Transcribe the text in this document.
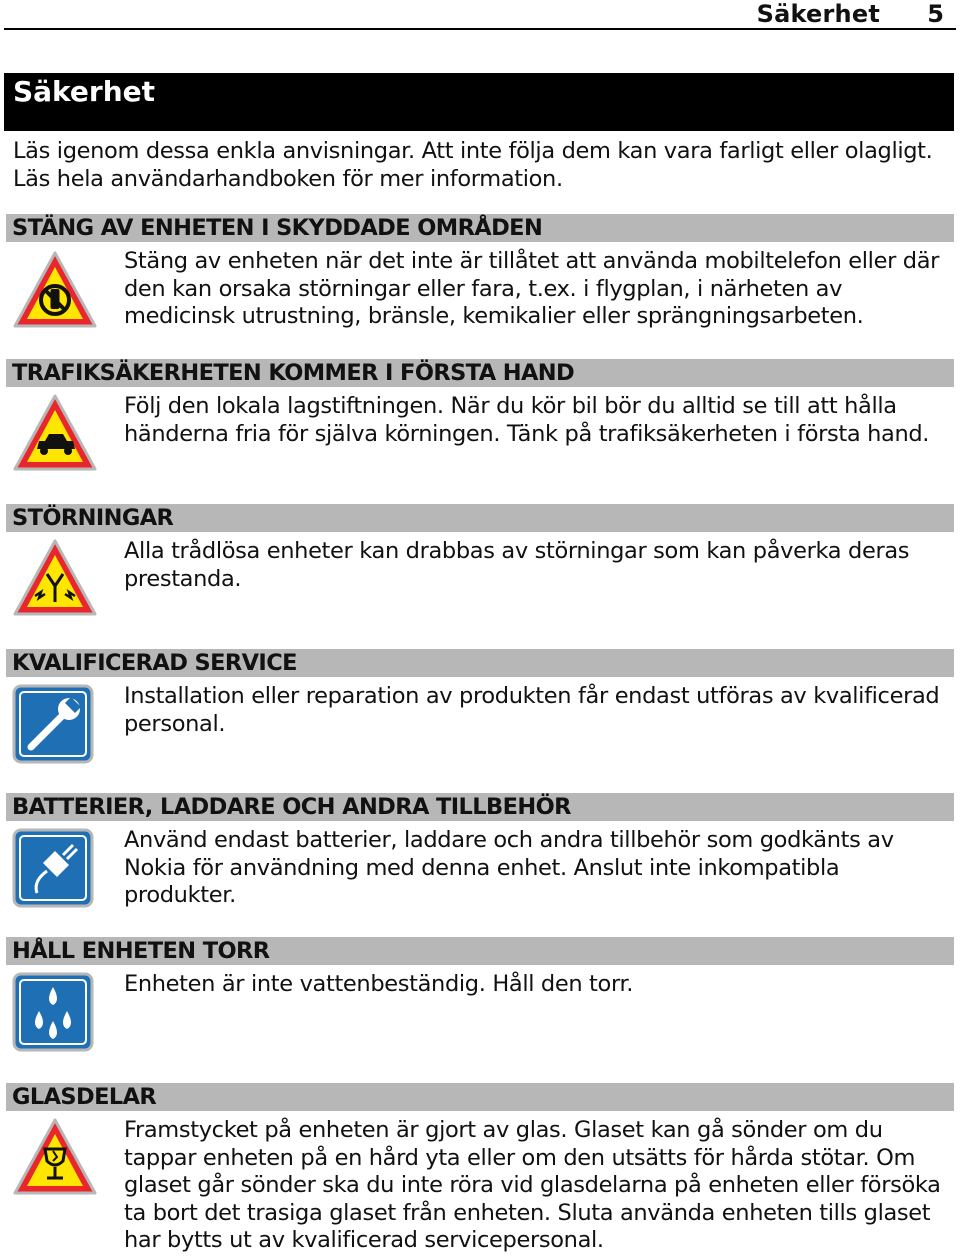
Säkerhet 5
Säkerhet
Läs igenom dessa enkla anvisningar. Att inte följa dem kan vara farligt eller olagligt. Läs hela användarhandboken för mer information.
STÄNG AV ENHETEN I SKYDDADE OMRÅDEN
Stäng av enheten när det inte är tillåtet att använda mobiltelefon eller där den kan orsaka störningar eller fara, t.ex. i flygplan, i närheten av medicinsk utrustning, bränsle, kemikalier eller sprängningsarbeten.
TRAFIKSÄKERHETEN KOMMER I FÖRSTA HAND
Följ den lokala lagstiftningen. När du kör bil bör du alltid se till att hålla händerna fria för själva körningen. Tänk på trafiksäkerheten i första hand.
STÖRNINGAR
Alla trådlösa enheter kan drabbas av störningar som kan påverka deras prestanda.
KVALIFICERAD SERVICE
Installation eller reparation av produkten får endast utföras av kvalificerad personal.
BATTERIER, LADDARE OCH ANDRA TILLBEHÖR
Använd endast batterier, laddare och andra tillbehör som godkänts av Nokia för användning med denna enhet. Anslut inte inkompatibla produkter.
HÅLL ENHETEN TORR
Enheten är inte vattenbeständig. Håll den torr.
GLASDELAR
Framstycket på enheten är gjort av glas. Glaset kan gå sönder om du tappar enheten på en hård yta eller om den utsätts för hårda stötar. Om glaset går sönder ska du inte röra vid glasdelarna på enheten eller försöka ta bort det trasiga glaset från enheten. Sluta använda enheten tills glaset har bytts ut av kvalificerad servicepersonal.
